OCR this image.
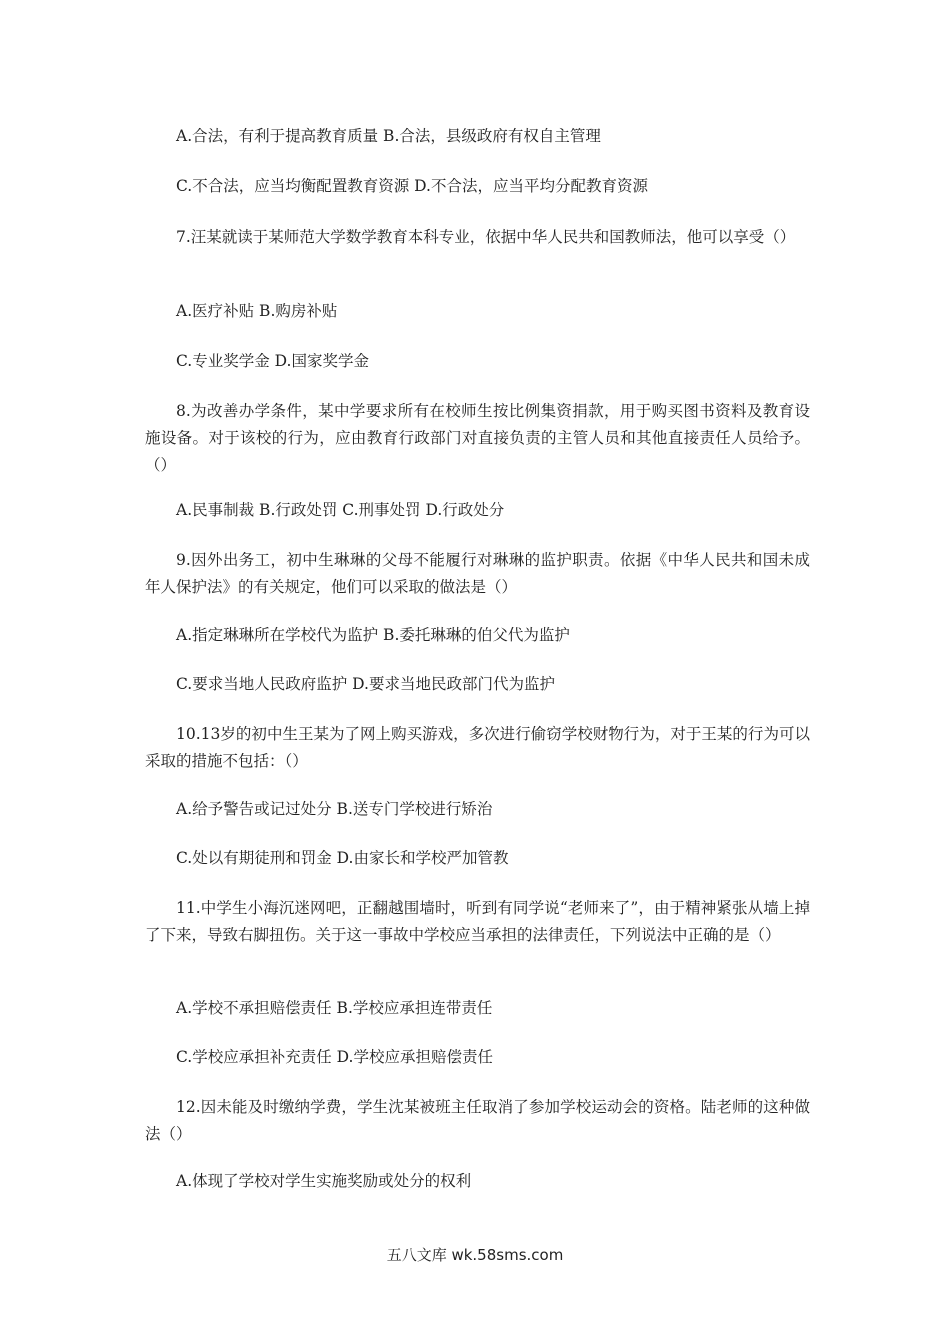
A.合法，有利于提高教育质量 B.合法，县级政府有权自主管理
C.不合法，应当均衡配置教育资源 D.不合法，应当平均分配教育资源
7.汪某就读于某师范大学数学教育本科专业，依据中华人民共和国教师法，他可以享受（）
A.医疗补贴 B.购房补贴
C.专业奖学金 D.国家奖学金
8.为改善办学条件，某中学要求所有在校师生按比例集资捐款，用于购买图书资料及教育设施设备。对于该校的行为，应由教育行政部门对直接负责的主管人员和其他直接责任人员给予。（）
A.民事制裁 B.行政处罚 C.刑事处罚 D.行政处分
9.因外出务工，初中生琳琳的父母不能履行对琳琳的监护职责。依据《中华人民共和国未成年人保护法》的有关规定，他们可以采取的做法是（）
A.指定琳琳所在学校代为监护 B.委托琳琳的伯父代为监护
C.要求当地人民政府监护 D.要求当地民政部门代为监护
10.13岁的初中生王某为了网上购买游戏，多次进行偷窃学校财物行为，对于王某的行为可以采取的措施不包括：（）
A.给予警告或记过处分 B.送专门学校进行矫治
C.处以有期徒刑和罚金 D.由家长和学校严加管教
11.中学生小海沉迷网吧，正翻越围墙时，听到有同学说“老师来了”，由于精神紧张从墙上掉了下来，导致右脚扭伤。关于这一事故中学校应当承担的法律责任，下列说法中正确的是（）
A.学校不承担赔偿责任 B.学校应承担连带责任
C.学校应承担补充责任 D.学校应承担赔偿责任
12.因未能及时缴纳学费，学生沈某被班主任取消了参加学校运动会的资格。陆老师的这种做法（）
A.体现了学校对学生实施奖励或处分的权利
五八文库 wk.58sms.com
